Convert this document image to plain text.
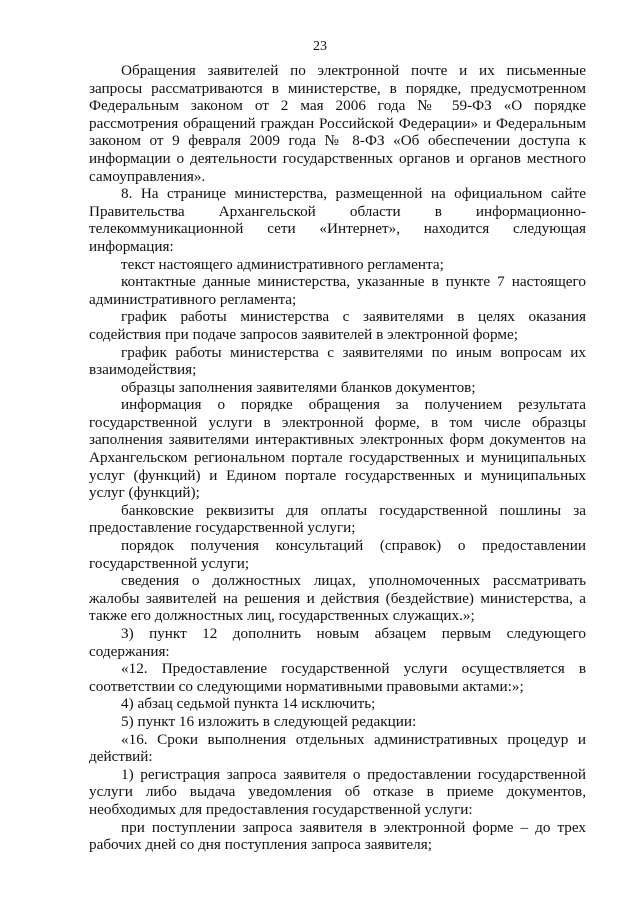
23

Обращения заявителей по электронной почте и их письменные запросы рассматриваются в министерстве, в порядке, предусмотренном Федеральным законом от 2 мая 2006 года № 59-ФЗ «О порядке рассмотрения обращений граждан Российской Федерации» и Федеральным законом от 9 февраля 2009 года № 8-ФЗ «Об обеспечении доступа к информации о деятельности государственных органов и органов местного самоуправления».

8. На странице министерства, размещенной на официальном сайте Правительства Архангельской области в информационно-телекоммуникационной сети «Интернет», находится следующая информация:

текст настоящего административного регламента;

контактные данные министерства, указанные в пункте 7 настоящего административного регламента;

график работы министерства с заявителями в целях оказания содействия при подаче запросов заявителей в электронной форме;

график работы министерства с заявителями по иным вопросам их взаимодействия;

образцы заполнения заявителями бланков документов;

информация о порядке обращения за получением результата государственной услуги в электронной форме, в том числе образцы заполнения заявителями интерактивных электронных форм документов на Архангельском региональном портале государственных и муниципальных услуг (функций) и Едином портале государственных и муниципальных услуг (функций);

банковские реквизиты для оплаты государственной пошлины за предоставление государственной услуги;

порядок получения консультаций (справок) о предоставлении государственной услуги;

сведения о должностных лицах, уполномоченных рассматривать жалобы заявителей на решения и действия (бездействие) министерства, а также его должностных лиц, государственных служащих.»;

3) пункт 12 дополнить новым абзацем первым следующего содержания:

«12. Предоставление государственной услуги осуществляется в соответствии со следующими нормативными правовыми актами:»;

4) абзац седьмой пункта 14 исключить;

5) пункт 16 изложить в следующей редакции:

«16. Сроки выполнения отдельных административных процедур и действий:

1) регистрация запроса заявителя о предоставлении государственной услуги либо выдача уведомления об отказе в приеме документов, необходимых для предоставления государственной услуги:

при поступлении запроса заявителя в электронной форме – до трех рабочих дней со дня поступления запроса заявителя;
